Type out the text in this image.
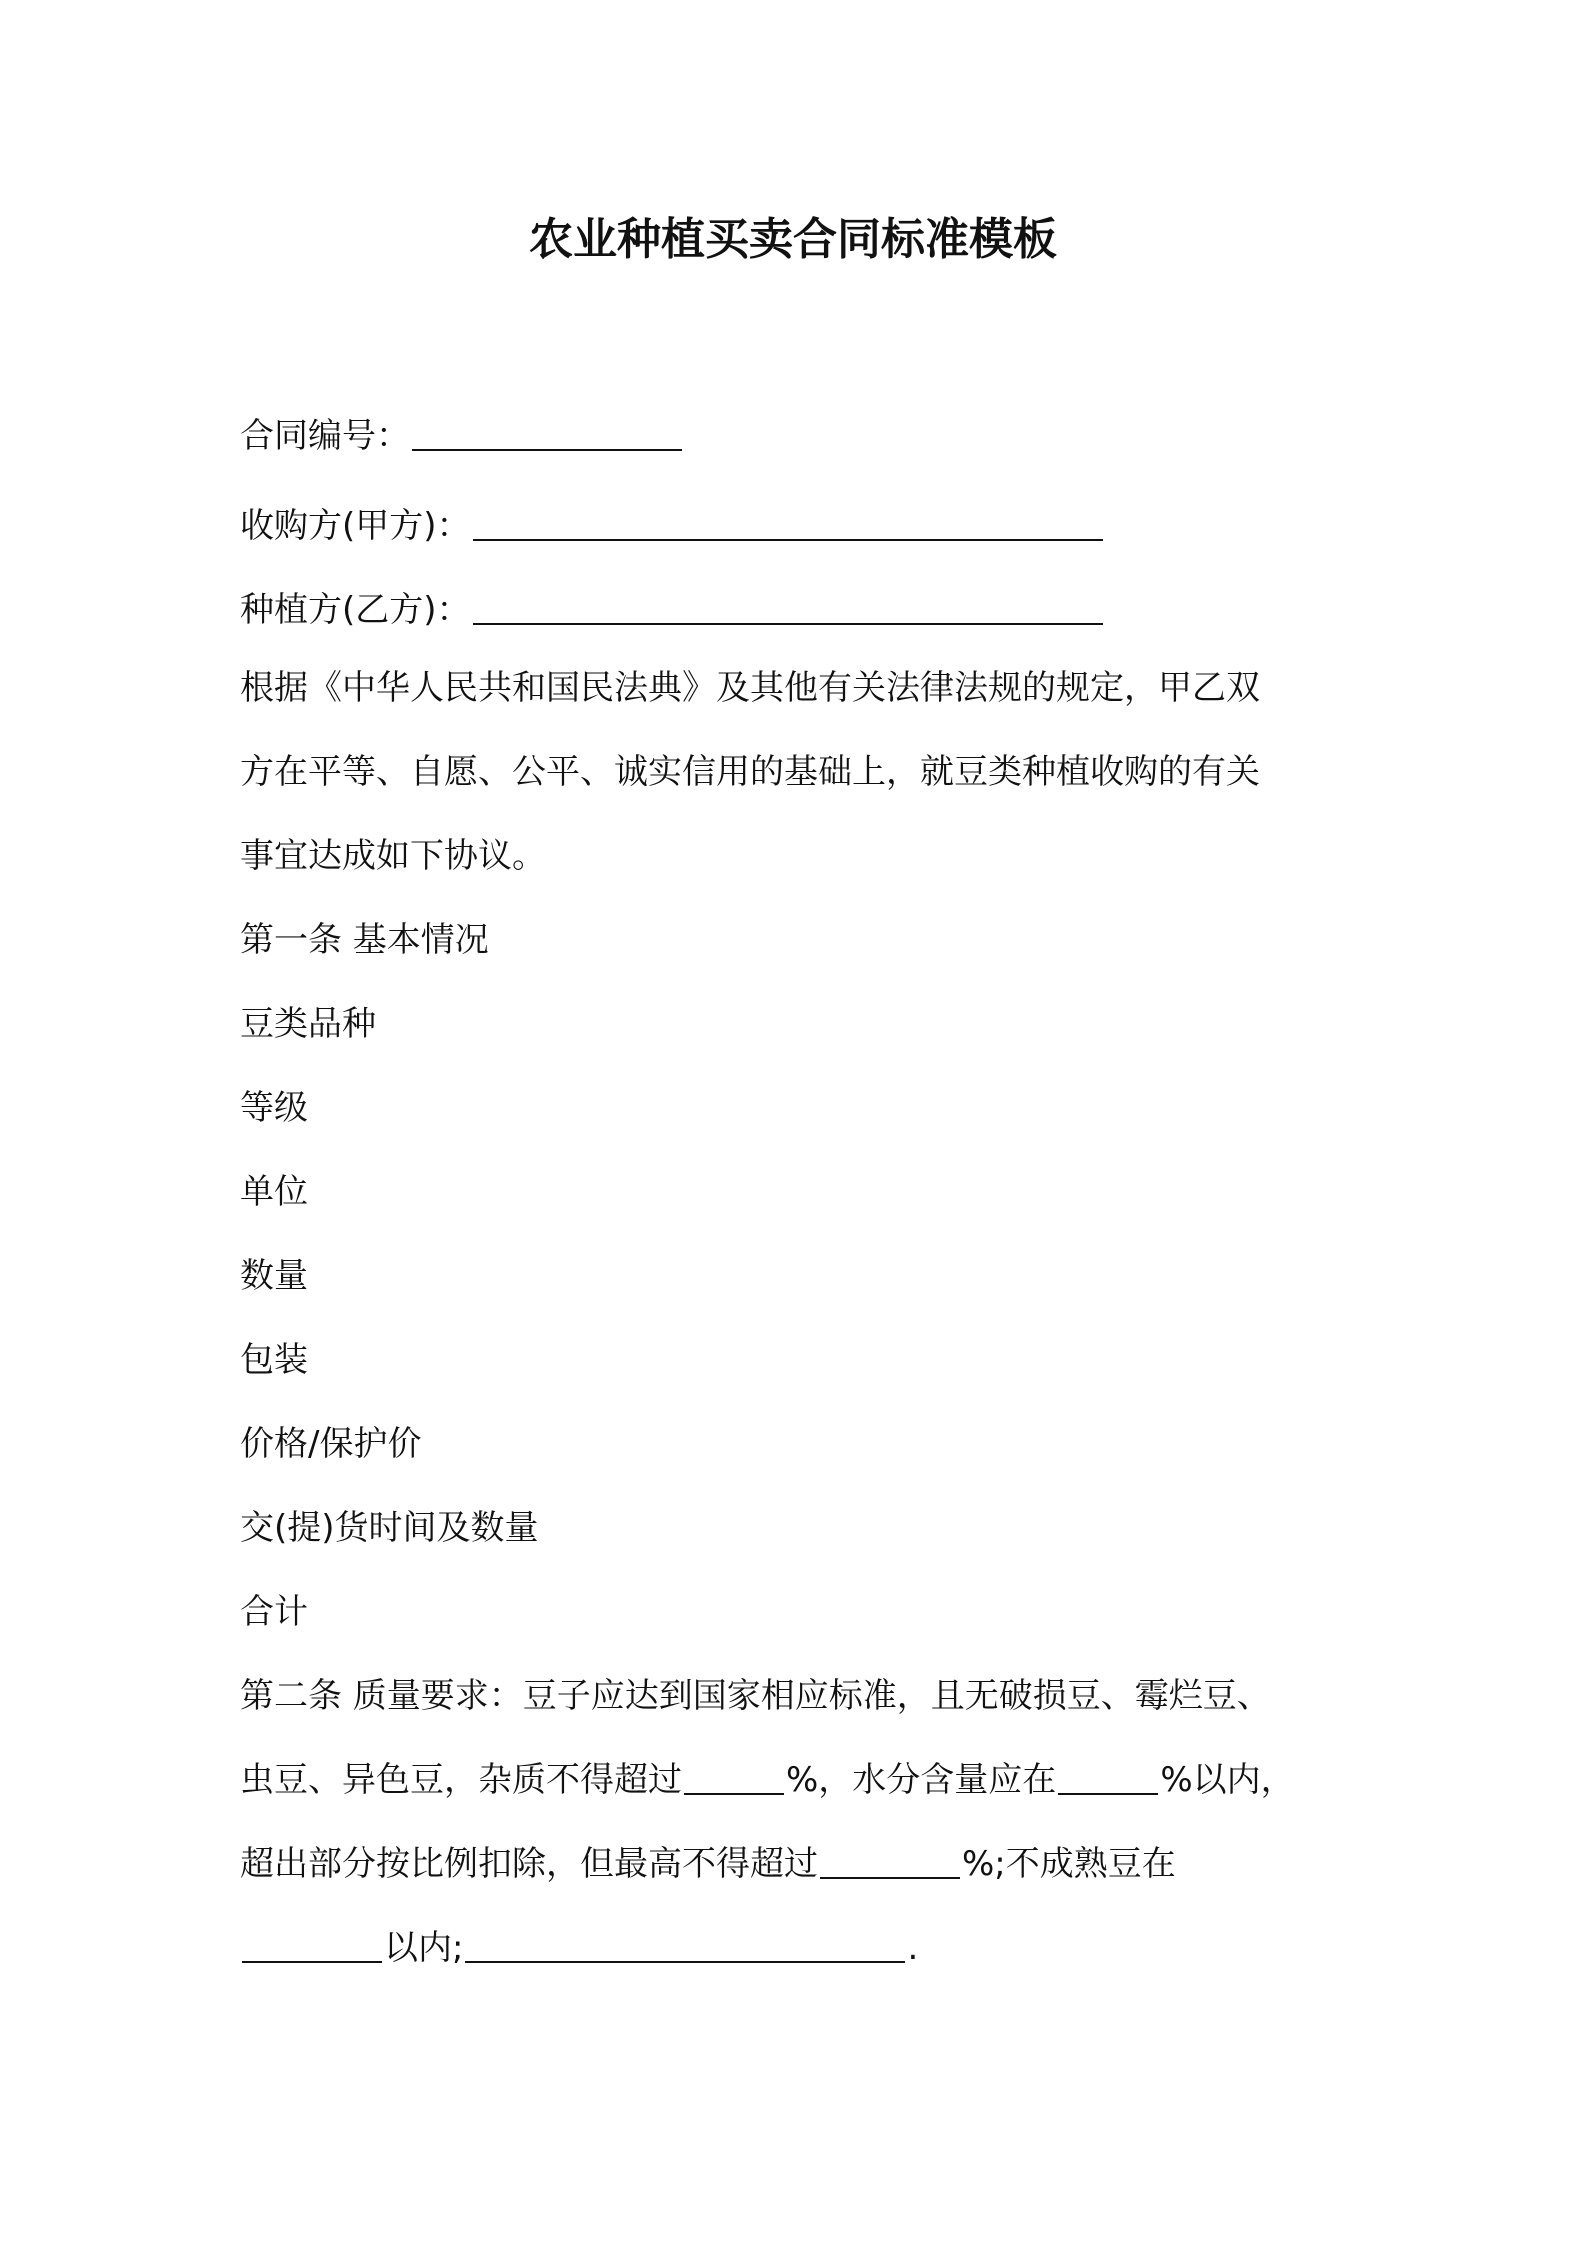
农业种植买卖合同标准模板
合同编号：
收购方(甲方)：
种植方(乙方)：
根据《中华人民共和国民法典》及其他有关法律法规的规定，甲乙双
方在平等、自愿、公平、诚实信用的基础上，就豆类种植收购的有关
事宜达成如下协议。
第一条 基本情况
豆类品种
等级
单位
数量
包装
价格/保护价
交(提)货时间及数量
合计
第二条 质量要求：豆子应达到国家相应标准，且无破损豆、霉烂豆、
虫豆、异色豆，杂质不得超过	%，水分含量应在	%以内，
超出部分按比例扣除，但最高不得超过	%;不成熟豆在
以内;	.
